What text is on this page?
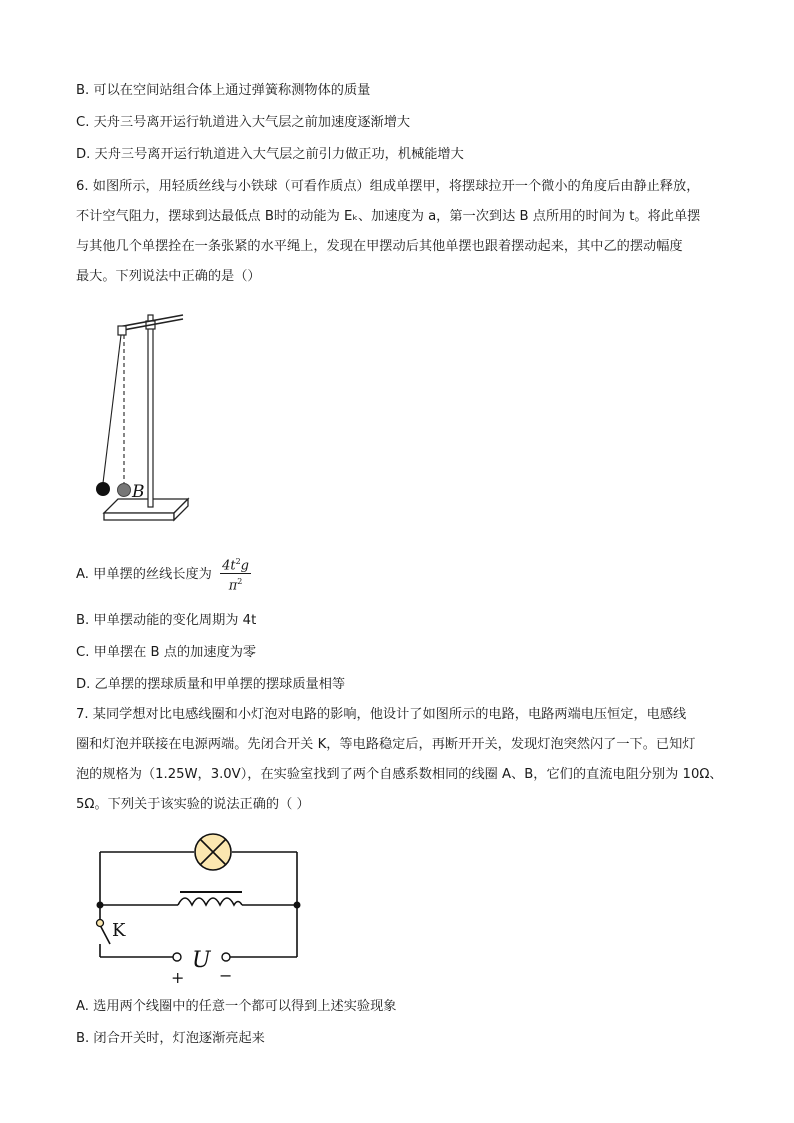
B. 可以在空间站组合体上通过弹簧称测物体的质量
C. 天舟三号离开运行轨道进入大气层之前加速度逐渐增大
D. 天舟三号离开运行轨道进入大气层之前引力做正功，机械能增大
6. 如图所示，用轻质丝线与小铁球（可看作质点）组成单摆甲，将摆球拉开一个微小的角度后由静止释放，
不计空气阻力，摆球到达最低点 B时的动能为 Eₖ、加速度为 a，第一次到达 B 点所用的时间为 t。将此单摆
与其他几个单摆拴在一条张紧的水平绳上，发现在甲摆动后其他单摆也跟着摆动起来，其中乙的摆动幅度
最大。下列说法中正确的是（）
B
A. 甲单摆的丝线长度为 $\frac{4t^2g}{\pi^2}$
B. 甲单摆动能的变化周期为 4t
C. 甲单摆在 B 点的加速度为零
D. 乙单摆的摆球质量和甲单摆的摆球质量相等
7. 某同学想对比电感线圈和小灯泡对电路的影响，他设计了如图所示的电路，电路两端电压恒定，电感线
圈和灯泡并联接在电源两端。先闭合开关 K，等电路稳定后，再断开开关，发现灯泡突然闪了一下。已知灯
泡的规格为（1.25W，3.0V），在实验室找到了两个自感系数相同的线圈 A、B，它们的直流电阻分别为 10Ω、
5Ω。下列关于该实验的说法正确的（ ）
K
U
+ −
A. 选用两个线圈中的任意一个都可以得到上述实验现象
B. 闭合开关时，灯泡逐渐亮起来
